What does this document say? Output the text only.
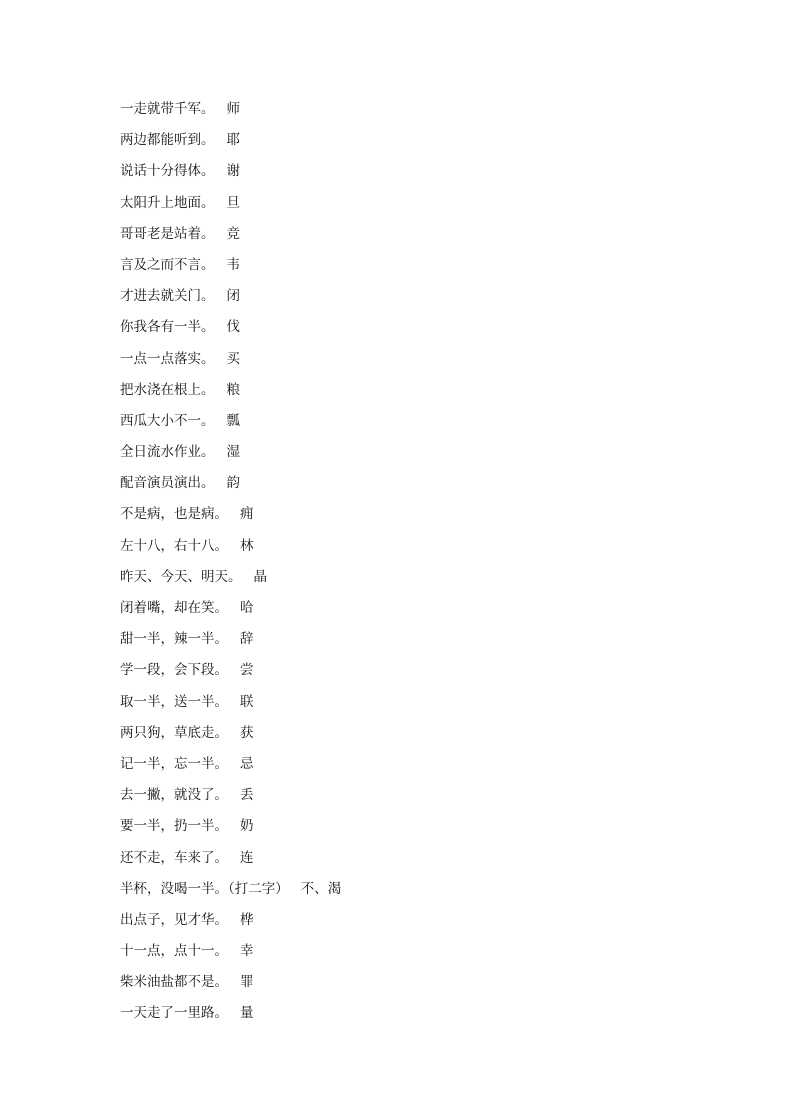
一走就带千军。 师
两边都能听到。 耶
说话十分得体。 谢
太阳升上地面。 旦
哥哥老是站着。 竞
言及之而不言。 韦
才进去就关门。 闭
你我各有一半。 伐
一点一点落实。 买
把水浇在根上。 粮
西瓜大小不一。 瓢
全日流水作业。 湿
配音演员演出。 韵
不是病，也是病。 痈
左十八，右十八。 林
昨天、今天、明天。 晶
闭着嘴，却在笑。 哈
甜一半，辣一半。 辞
学一段，会下段。 尝
取一半，送一半。 联
两只狗，草底走。 获
记一半，忘一半。 忌
去一撇，就没了。 丢
要一半，扔一半。 奶
还不走，车来了。 连
半杯，没喝一半。（打二字） 不、渴
出点子，见才华。 桦
十一点，点十一。 幸
柴米油盐都不是。 罪
一天走了一里路。 量
